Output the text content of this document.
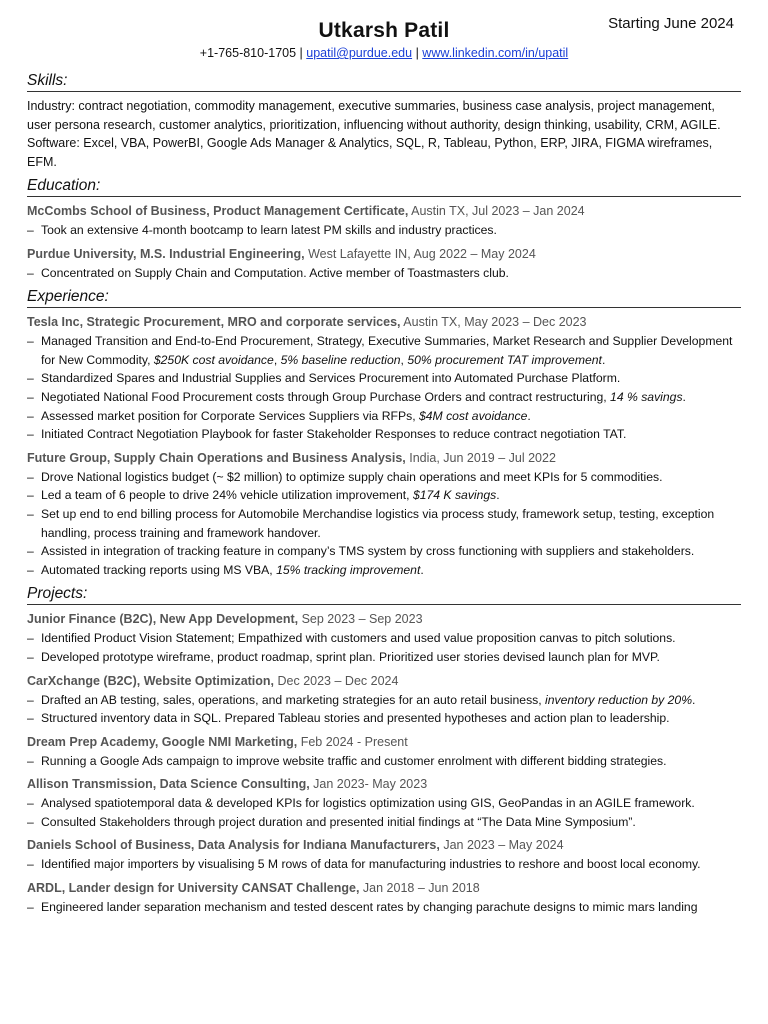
Starting June 2024
Utkarsh Patil
+1-765-810-1705 | upatil@purdue.edu | www.linkedin.com/in/upatil
Skills:
Industry: contract negotiation, commodity management, executive summaries, business case analysis, project management, user persona research, customer analytics, prioritization, influencing without authority, design thinking, usability, CRM, AGILE.
Software: Excel, VBA, PowerBI, Google Ads Manager & Analytics, SQL, R, Tableau, Python, ERP, JIRA, FIGMA wireframes, EFM.
Education:
McCombs School of Business, Product Management Certificate, Austin TX, Jul 2023 – Jan 2024
– Took an extensive 4-month bootcamp to learn latest PM skills and industry practices.
Purdue University, M.S. Industrial Engineering, West Lafayette IN, Aug 2022 – May 2024
– Concentrated on Supply Chain and Computation. Active member of Toastmasters club.
Experience:
Tesla Inc, Strategic Procurement, MRO and corporate services, Austin TX, May 2023 – Dec 2023
– Managed Transition and End-to-End Procurement, Strategy, Executive Summaries, Market Research and Supplier Development for New Commodity, $250K cost avoidance, 5% baseline reduction, 50% procurement TAT improvement.
– Standardized Spares and Industrial Supplies and Services Procurement into Automated Purchase Platform.
– Negotiated National Food Procurement costs through Group Purchase Orders and contract restructuring, 14 % savings.
– Assessed market position for Corporate Services Suppliers via RFPs, $4M cost avoidance.
– Initiated Contract Negotiation Playbook for faster Stakeholder Responses to reduce contract negotiation TAT.
Future Group, Supply Chain Operations and Business Analysis, India, Jun 2019 – Jul 2022
– Drove National logistics budget (~ $2 million) to optimize supply chain operations and meet KPIs for 5 commodities.
– Led a team of 6 people to drive 24% vehicle utilization improvement, $174 K savings.
– Set up end to end billing process for Automobile Merchandise logistics via process study, framework setup, testing, exception handling, process training and framework handover.
– Assisted in integration of tracking feature in company’s TMS system by cross functioning with suppliers and stakeholders.
– Automated tracking reports using MS VBA, 15% tracking improvement.
Projects:
Junior Finance (B2C), New App Development, Sep 2023 – Sep 2023
– Identified Product Vision Statement; Empathized with customers and used value proposition canvas to pitch solutions.
– Developed prototype wireframe, product roadmap, sprint plan. Prioritized user stories devised launch plan for MVP.
CarXchange (B2C), Website Optimization, Dec 2023 – Dec 2024
– Drafted an AB testing, sales, operations, and marketing strategies for an auto retail business, inventory reduction by 20%.
– Structured inventory data in SQL. Prepared Tableau stories and presented hypotheses and action plan to leadership.
Dream Prep Academy, Google NMI Marketing, Feb 2024 - Present
– Running a Google Ads campaign to improve website traffic and customer enrolment with different bidding strategies.
Allison Transmission, Data Science Consulting, Jan 2023- May 2023
– Analysed spatiotemporal data & developed KPIs for logistics optimization using GIS, GeoPandas in an AGILE framework.
– Consulted Stakeholders through project duration and presented initial findings at “The Data Mine Symposium”.
Daniels School of Business, Data Analysis for Indiana Manufacturers, Jan 2023 – May 2024
– Identified major importers by visualising 5 M rows of data for manufacturing industries to reshore and boost local economy.
ARDL, Lander design for University CANSAT Challenge, Jan 2018 – Jun 2018
– Engineered lander separation mechanism and tested descent rates by changing parachute designs to mimic mars landing
